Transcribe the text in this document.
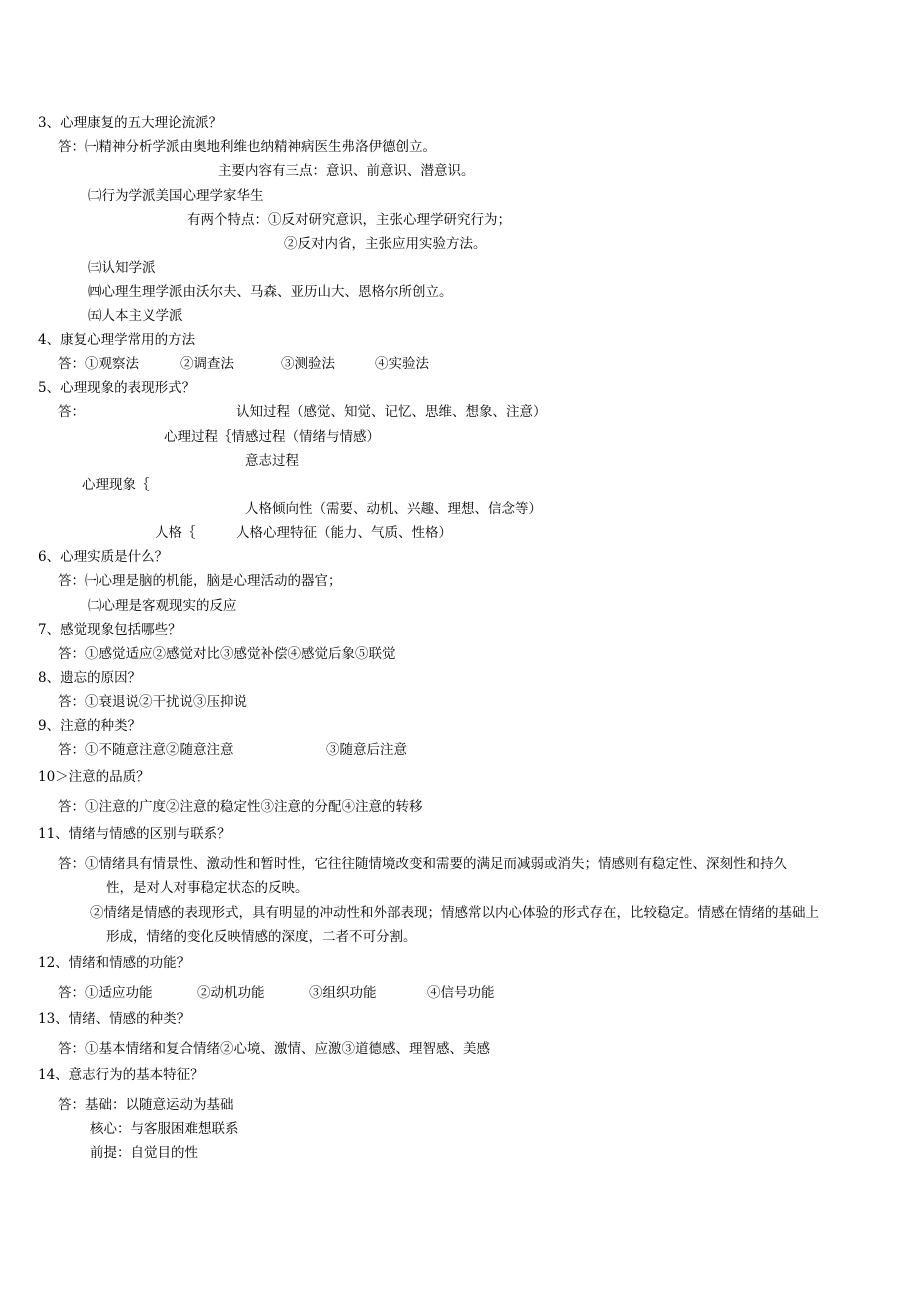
3、心理康复的五大理论流派？
答：㈠精神分析学派由奥地利维也纳精神病医生弗洛伊德创立。
主要内容有三点：意识、前意识、潜意识。
㈡行为学派美国心理学家华生
有两个特点：①反对研究意识，主张心理学研究行为；
②反对内省，主张应用实验方法。
㈢认知学派
㈣心理生理学派由沃尔夫、马森、亚历山大、恩格尔所创立。
㈤人本主义学派
4、康复心理学常用的方法
答：①观察法	②调查法	③测验法	④实验法
5、心理现象的表现形式？
答：	认知过程（感觉、知觉、记忆、思维、想象、注意）
心理过程｛情感过程（情绪与情感）
意志过程
心理现象｛
人格倾向性（需要、动机、兴趣、理想、信念等）
人格｛	人格心理特征（能力、气质、性格）
6、心理实质是什么？
答：㈠心理是脑的机能，脑是心理活动的器官；
㈡心理是客观现实的反应
7、感觉现象包括哪些？
答：①感觉适应②感觉对比③感觉补偿④感觉后象⑤联觉
8、遗忘的原因？
答：①衰退说②干扰说③压抑说
9、注意的种类？
答：①不随意注意②随意注意	③随意后注意
10＞注意的品质？
答：①注意的广度②注意的稳定性③注意的分配④注意的转移
11、情绪与情感的区别与联系？
答：①情绪具有情景性、激动性和暂时性，它往往随情境改变和需要的满足而减弱或消失；情感则有稳定性、深刻性和持久
性，是对人对事稳定状态的反映。
②情绪是情感的表现形式，具有明显的冲动性和外部表现；情感常以内心体验的形式存在，比较稳定。情感在情绪的基础上
形成，情绪的变化反映情感的深度，二者不可分割。
12、情绪和情感的功能？
答：①适应功能	②动机功能	③组织功能	④信号功能
13、情绪、情感的种类？
答：①基本情绪和复合情绪②心境、激情、应激③道德感、理智感、美感
14、意志行为的基本特征？
答：基础：以随意运动为基础
核心：与客服困难想联系
前提：自觉目的性
